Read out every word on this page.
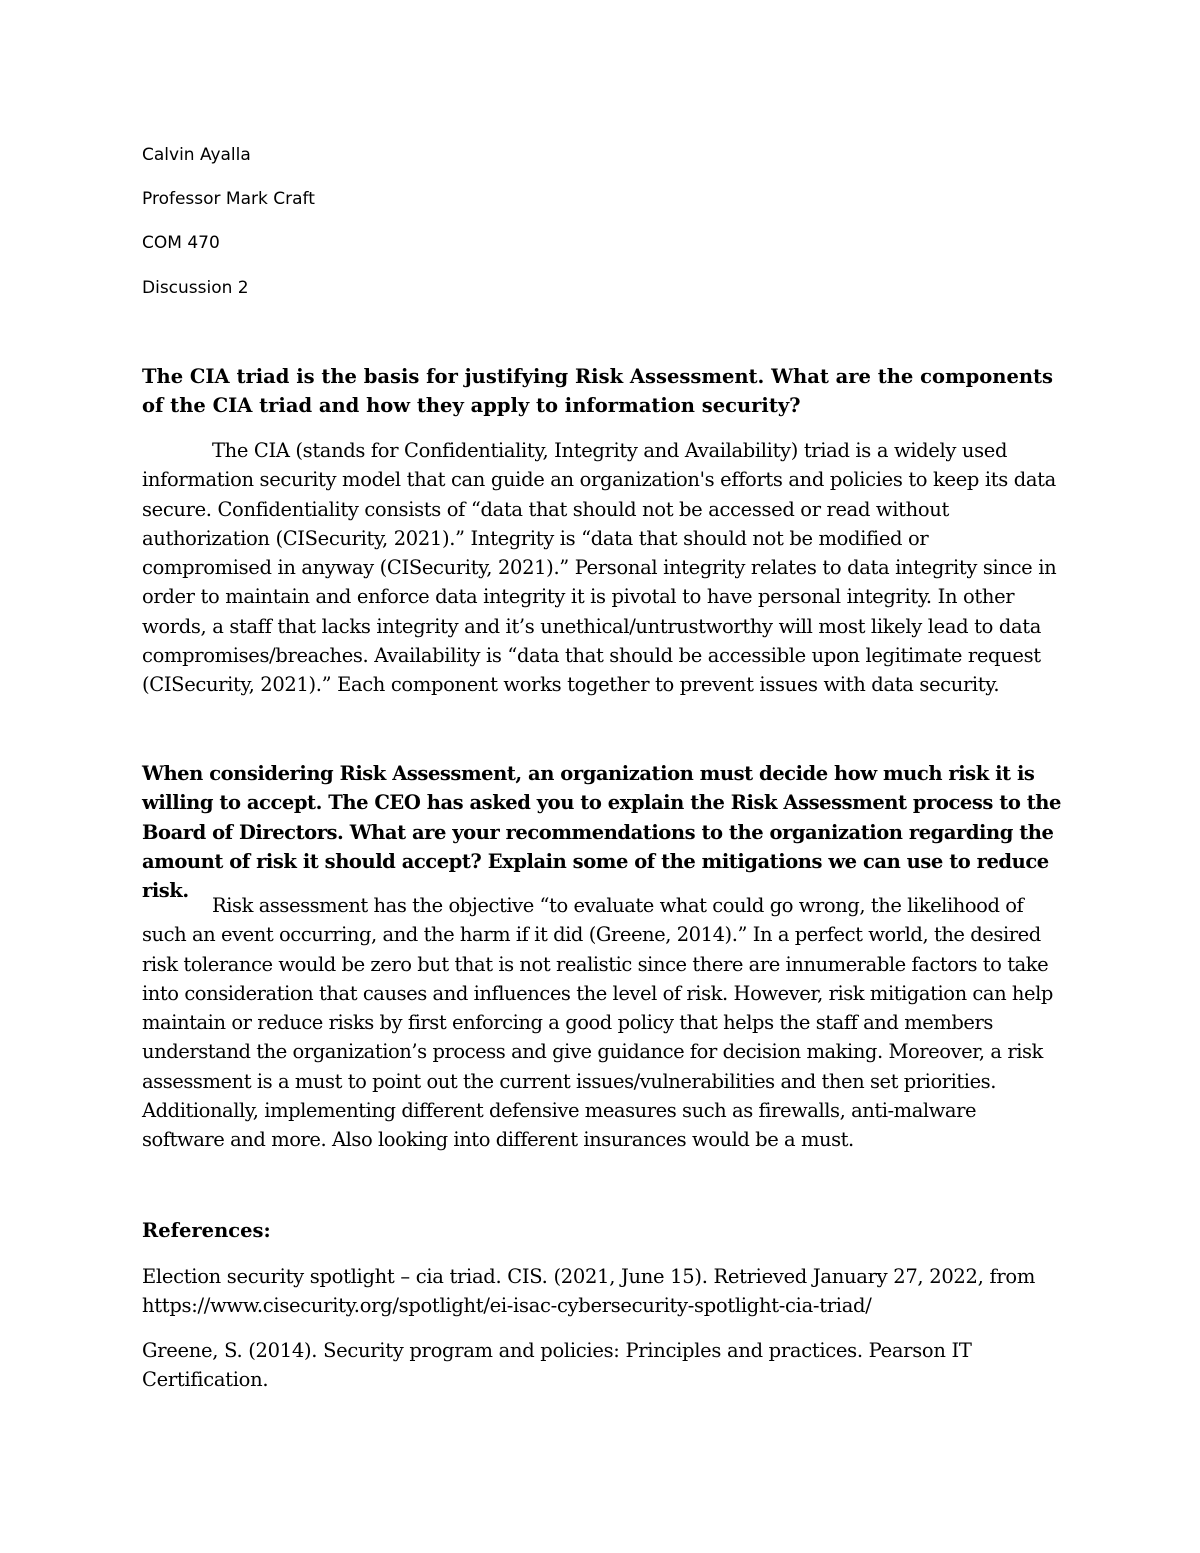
Calvin Ayalla

Professor Mark Craft

COM 470

Discussion 2

The CIA triad is the basis for justifying Risk Assessment. What are the components of the CIA triad and how they apply to information security?

The CIA (stands for Confidentiality, Integrity and Availability) triad is a widely used information security model that can guide an organization's efforts and policies to keep its data secure. Confidentiality consists of “data that should not be accessed or read without authorization (CISecurity, 2021).” Integrity is “data that should not be modified or compromised in anyway (CISecurity, 2021).” Personal integrity relates to data integrity since in order to maintain and enforce data integrity it is pivotal to have personal integrity. In other words, a staff that lacks integrity and it’s unethical/untrustworthy will most likely lead to data compromises/breaches. Availability is “data that should be accessible upon legitimate request (CISecurity, 2021).” Each component works together to prevent issues with data security.

When considering Risk Assessment, an organization must decide how much risk it is willing to accept. The CEO has asked you to explain the Risk Assessment process to the Board of Directors. What are your recommendations to the organization regarding the amount of risk it should accept? Explain some of the mitigations we can use to reduce risk.

Risk assessment has the objective “to evaluate what could go wrong, the likelihood of such an event occurring, and the harm if it did (Greene, 2014).” In a perfect world, the desired risk tolerance would be zero but that is not realistic since there are innumerable factors to take into consideration that causes and influences the level of risk. However, risk mitigation can help maintain or reduce risks by first enforcing a good policy that helps the staff and members understand the organization’s process and give guidance for decision making. Moreover, a risk assessment is a must to point out the current issues/vulnerabilities and then set priorities. Additionally, implementing different defensive measures such as firewalls, anti-malware software and more. Also looking into different insurances would be a must.

References:

Election security spotlight – cia triad. CIS. (2021, June 15). Retrieved January 27, 2022, from https://www.cisecurity.org/spotlight/ei-isac-cybersecurity-spotlight-cia-triad/

Greene, S. (2014). Security program and policies: Principles and practices. Pearson IT Certification.
